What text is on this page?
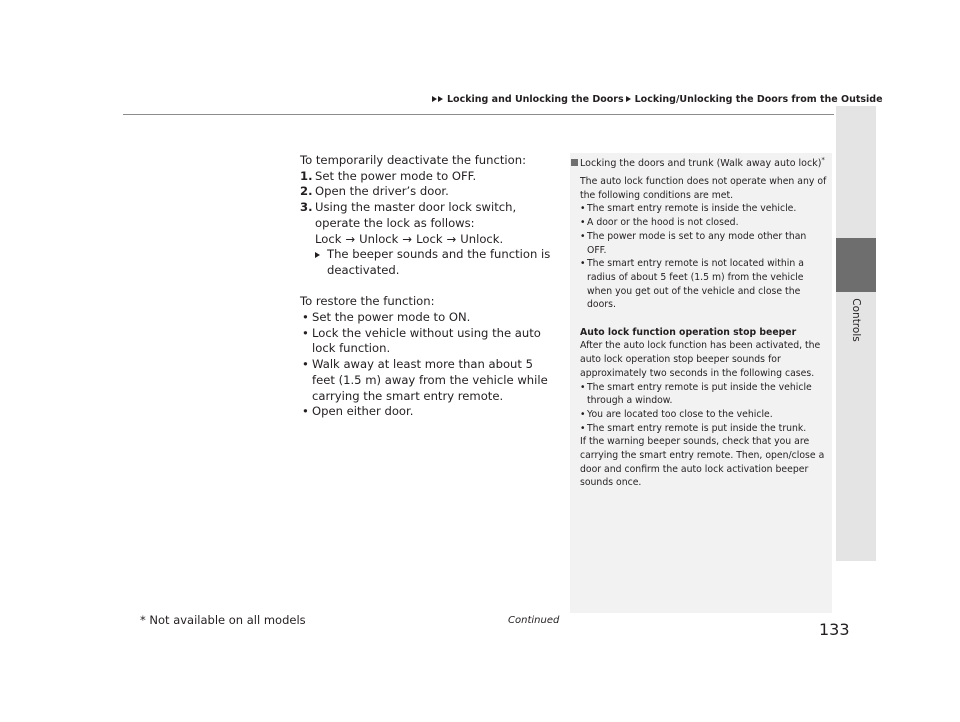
Locking and Unlocking the Doors Locking/Unlocking the Doors from the Outside
Controls

To temporarily deactivate the function:

1. Set the power mode to OFF.
2. Open the driver’s door.
3. Using the master door lock switch, operate the lock as follows:

Lock → Unlock → Lock → Unlock.

The beeper sounds and the function is deactivated.

To restore the function:

• Set the power mode to ON.
• Lock the vehicle without using the auto lock function.
• Walk away at least more than about 5 feet (1.5 m) away from the vehicle while carrying the smart entry remote.
• Open either door.
Locking the doors and trunk (Walk away auto lock)*

The auto lock function does not operate when any of the following conditions are met.

• The smart entry remote is inside the vehicle.
• A door or the hood is not closed.
• The power mode is set to any mode other than OFF.
• The smart entry remote is not located within a radius of about 5 feet (1.5 m) from the vehicle when you get out of the vehicle and close the doors.

Auto lock function operation stop beeper

After the auto lock function has been activated, the auto lock operation stop beeper sounds for approximately two seconds in the following cases.

• The smart entry remote is put inside the vehicle through a window.
• You are located too close to the vehicle.
• The smart entry remote is put inside the trunk.

If the warning beeper sounds, check that you are carrying the smart entry remote. Then, open/close a door and confirm the auto lock activation beeper sounds once.

* Not available on all models	Continued	133
